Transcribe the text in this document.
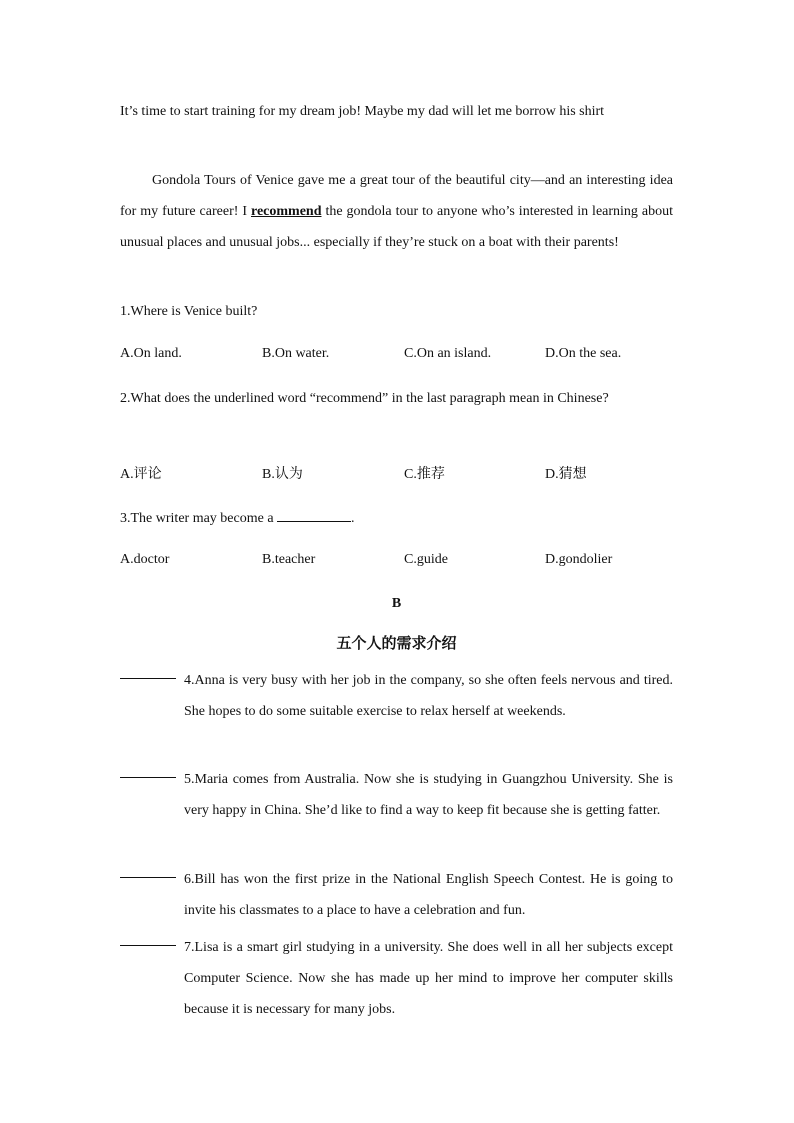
It’s time to start training for my dream job! Maybe my dad will let me borrow his shirt

Gondola Tours of Venice gave me a great tour of the beautiful city—and an interesting idea for my future career! I recommend the gondola tour to anyone who’s interested in learning about unusual places and unusual jobs... especially if they’re stuck on a boat with their parents!

1.Where is Venice built?

A.On land.	B.On water.	C.On an island.	D.On the sea.

2.What does the underlined word “recommend” in the last paragraph mean in Chinese?

A.评论	B.认为	C.推荐	D.猜想

3.The writer may become a	.

A.doctor	B.teacher	C.guide	D.gondolier
B
五个人的需求介绍

4.Anna is very busy with her job in the company, so she often feels nervous and tired. She hopes to do some suitable exercise to relax herself at weekends.

5.Maria comes from Australia. Now she is studying in Guangzhou University. She is very happy in China. She’d like to find a way to keep fit because she is getting fatter.

6.Bill has won the first prize in the National English Speech Contest. He is going to invite his classmates to a place to have a celebration and fun.

7.Lisa is a smart girl studying in a university. She does well in all her subjects except Computer Science. Now she has made up her mind to improve her computer skills because it is necessary for many jobs.
